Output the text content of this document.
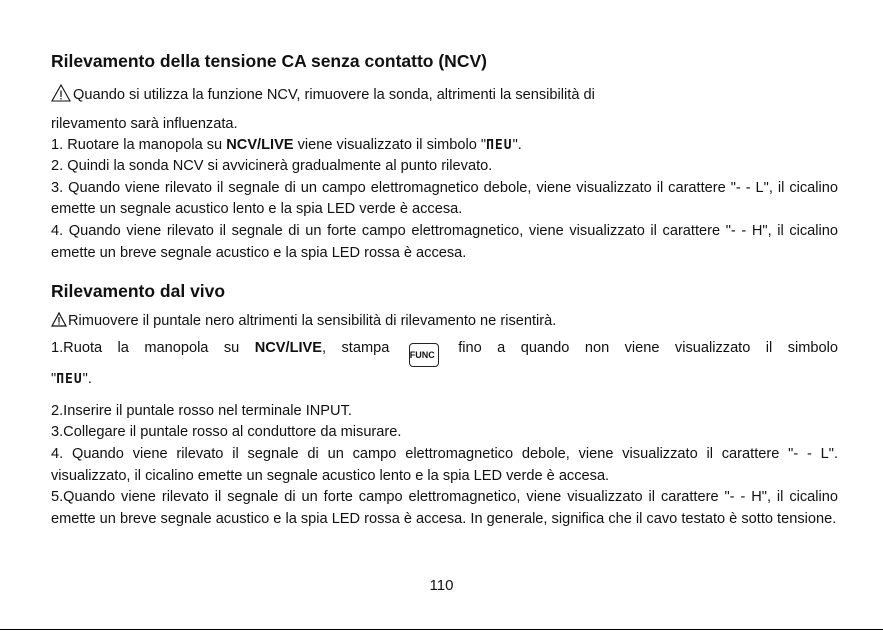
Rilevamento della tensione CA senza contatto (NCV)

Quando si utilizza la funzione NCV, rimuovere la sonda, altrimenti la sensibilità di

rilevamento sarà influenzata.

1. Ruotare la manopola su NCV/LIVE viene visualizzato il simbolo "ΠEU".

2. Quindi la sonda NCV si avvicinerà gradualmente al punto rilevato.

3. Quando viene rilevato il segnale di un campo elettromagnetico debole, viene visualizzato il carattere "- - L", il cicalino emette un segnale acustico lento e la spia LED verde è accesa.

4. Quando viene rilevato il segnale di un forte campo elettromagnetico, viene visualizzato il carattere "- - H", il cicalino emette un breve segnale acustico e la spia LED rossa è accesa.

Rilevamento dal vivo

Rimuovere il puntale nero altrimenti la sensibilità di rilevamento ne risentirà.

1.Ruota la manopola su NCV/LIVE, stampa FUNC fino a quando non viene visualizzato il simbolo

"ΠEU".

2.Inserire il puntale rosso nel terminale INPUT.

3.Collegare il puntale rosso al conduttore da misurare.

4. Quando viene rilevato il segnale di un campo elettromagnetico debole, viene visualizzato il carattere "- - L". visualizzato, il cicalino emette un segnale acustico lento e la spia LED verde è accesa.

5.Quando viene rilevato il segnale di un forte campo elettromagnetico, viene visualizzato il carattere "- - H", il cicalino emette un breve segnale acustico e la spia LED rossa è accesa. In generale, significa che il cavo testato è sotto tensione.

110
